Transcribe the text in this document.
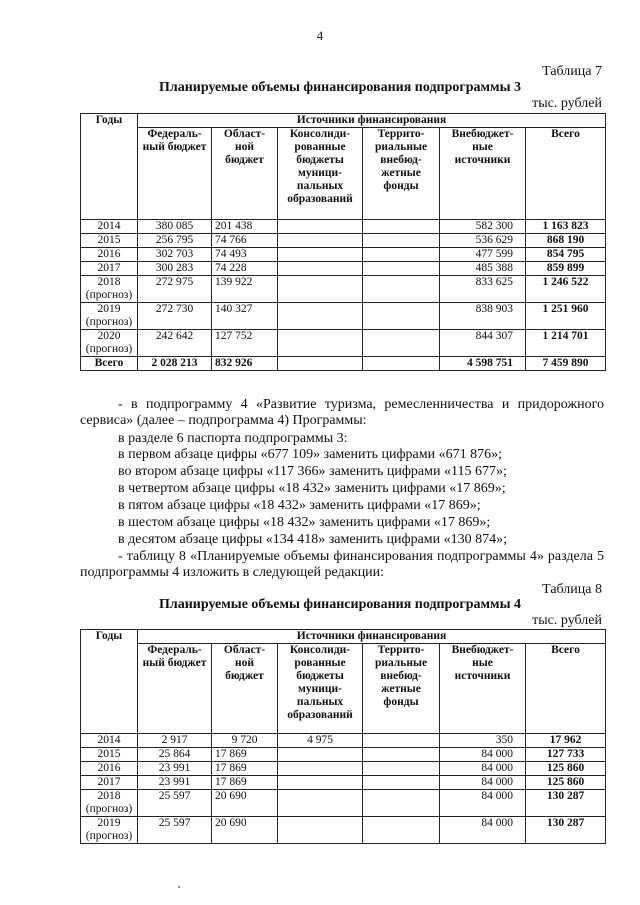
4
Таблица 7
Планируемые объемы финансирования подпрограммы 3
тыс. рублей
Годы	Источники финансирования					
	Федераль-ный бюджет	Област-ной бюджет	Консолиди-рованные бюджеты муници-пальных образований	Террито-риальные внебюд-жетные фонды	Внебюджет-ные источники	Всего
2014	380 085	201 438			582 300	1 163 823
2015	256 795	74 766			536 629	868 190
2016	302 703	74 493			477 599	854 795
2017	300 283	74 228			485 388	859 899
2018 (прогноз)	272 975	139 922			833 625	1 246 522
2019 (прогноз)	272 730	140 327			838 903	1 251 960
2020 (прогноз)	242 642	127 752			844 307	1 214 701
Всего	2 028 213	832 926			4 598 751	7 459 890
- в подпрограмму 4 «Развитие туризма, ремесленничества и придорожного сервиса» (далее – подпрограмма 4) Программы:
в разделе 6 паспорта подпрограммы 3:
в первом абзаце цифры «677 109» заменить цифрами «671 876»;
во втором абзаце цифры «117 366» заменить цифрами «115 677»;
в четвертом абзаце цифры «18 432» заменить цифрами «17 869»;
в пятом абзаце цифры «18 432» заменить цифрами «17 869»;
в шестом абзаце цифры «18 432» заменить цифрами «17 869»;
в десятом абзаце цифры «134 418» заменить цифрами «130 874»;
- таблицу 8 «Планируемые объемы финансирования подпрограммы 4» раздела 5 подпрограммы 4 изложить в следующей редакции:
Таблица 8
Планируемые объемы финансирования подпрограммы 4
тыс. рублей
Годы	Источники финансирования					
	Федераль-ный бюджет	Област-ной бюджет	Консолиди-рованные бюджеты муници-пальных образований	Террито-риальные внебюд-жетные фонды	Внебюджет-ные источники	Всего
2014	2 917	9 720	4 975		350	17 962
2015	25 864	17 869			84 000	127 733
2016	23 991	17 869			84 000	125 860
2017	23 991	17 869			84 000	125 860
2018 (прогноз)	25 597	20 690			84 000	130 287
2019 (прогноз)	25 597	20 690			84 000	130 287
